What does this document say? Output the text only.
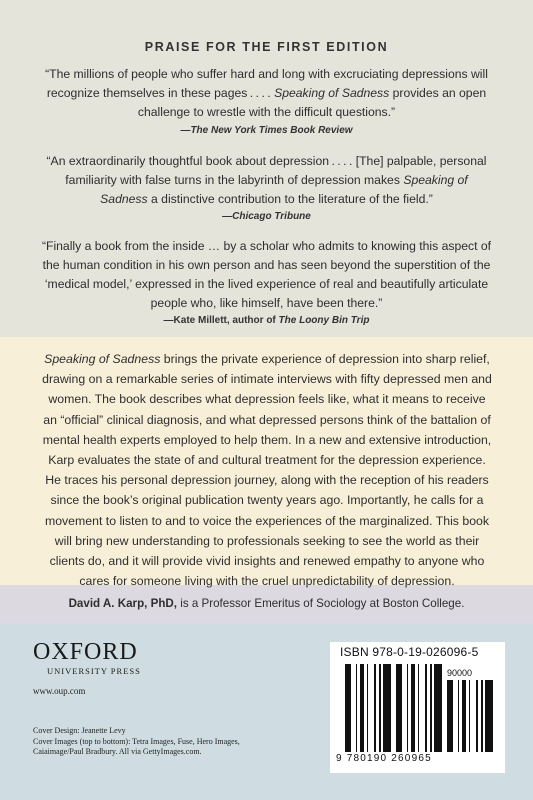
PRAISE FOR THE FIRST EDITION
“The millions of people who suffer hard and long with excruciating depressions will
recognize themselves in these pages . . . . Speaking of Sadness provides an open
challenge to wrestle with the difficult questions.”
—The New York Times Book Review
“An extraordinarily thoughtful book about depression . . . . [The] palpable, personal
familiarity with false turns in the labyrinth of depression makes Speaking of
Sadness a distinctive contribution to the literature of the field.”
—Chicago Tribune
“Finally a book from the inside … by a scholar who admits to knowing this aspect of
the human condition in his own person and has seen beyond the superstition of the
‘medical model,’ expressed in the lived experience of real and beautifully articulate
people who, like himself, have been there.”
—Kate Millett, author of The Loony Bin Trip
Speaking of Sadness brings the private experience of depression into sharp relief,
drawing on a remarkable series of intimate interviews with fifty depressed men and
women. The book describes what depression feels like, what it means to receive
an “official” clinical diagnosis, and what depressed persons think of the battalion of
mental health experts employed to help them. In a new and extensive introduction,
Karp evaluates the state of and cultural treatment for the depression experience.
He traces his personal depression journey, along with the reception of his readers
since the book’s original publication twenty years ago. Importantly, he calls for a
movement to listen to and to voice the experiences of the marginalized. This book
will bring new understanding to professionals seeking to see the world as their
clients do, and it will provide vivid insights and renewed empathy to anyone who
cares for someone living with the cruel unpredictability of depression.
David A. Karp, PhD, is a Professor Emeritus of Sociology at Boston College.
OXFORD
UNIVERSITY PRESS
www.oup.com
Cover Design: Jeanette Levy
Cover Images (top to bottom): Tetra Images, Fuse, Hero Images,
Caiaimage/Paul Bradbury. All via GettyImages.com.
ISBN 978-0-19-026096-5
90000
9 780190 260965
